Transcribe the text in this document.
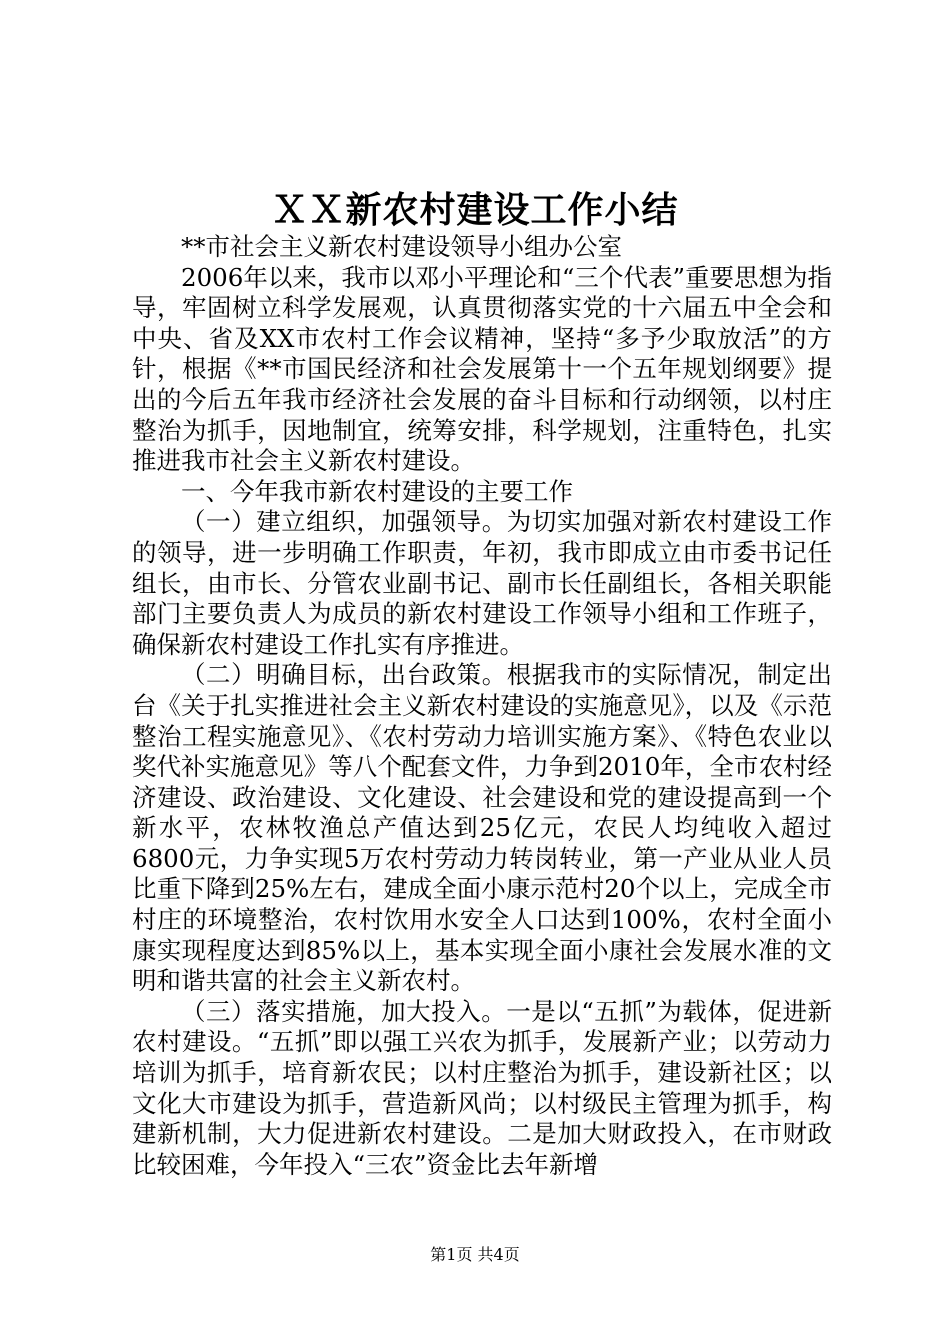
ＸＸ新农村建设工作小结

**市社会主义新农村建设领导小组办公室

2006年以来，我市以邓小平理论和“三个代表”重要思想为指导，牢固树立科学发展观，认真贯彻落实党的十六届五中全会和中央、省及XX市农村工作会议精神，坚持“多予少取放活”的方针，根据《**市国民经济和社会发展第十一个五年规划纲要》提出的今后五年我市经济社会发展的奋斗目标和行动纲领，以村庄整治为抓手，因地制宜，统筹安排，科学规划，注重特色，扎实推进我市社会主义新农村建设。

一、今年我市新农村建设的主要工作

（一）建立组织，加强领导。为切实加强对新农村建设工作的领导，进一步明确工作职责，年初，我市即成立由市委书记任组长，由市长、分管农业副书记、副市长任副组长，各相关职能部门主要负责人为成员的新农村建设工作领导小组和工作班子，确保新农村建设工作扎实有序推进。

（二）明确目标，出台政策。根据我市的实际情况，制定出台《关于扎实推进社会主义新农村建设的实施意见》，以及《示范整治工程实施意见》、《农村劳动力培训实施方案》、《特色农业以奖代补实施意见》等八个配套文件，力争到2010年，全市农村经济建设、政治建设、文化建设、社会建设和党的建设提高到一个新水平，农林牧渔总产值达到25亿元，农民人均纯收入超过6800元，力争实现5万农村劳动力转岗转业，第一产业从业人员比重下降到25%左右，建成全面小康示范村20个以上，完成全市村庄的环境整治，农村饮用水安全人口达到100%，农村全面小康实现程度达到85%以上，基本实现全面小康社会发展水准的文明和谐共富的社会主义新农村。

（三）落实措施，加大投入。一是以“五抓”为载体，促进新农村建设。“五抓”即以强工兴农为抓手，发展新产业；以劳动力培训为抓手，培育新农民；以村庄整治为抓手，建设新社区；以文化大市建设为抓手，营造新风尚；以村级民主管理为抓手，构建新机制，大力促进新农村建设。二是加大财政投入，在市财政比较困难，今年投入“三农”资金比去年新增

第1页 共4页
